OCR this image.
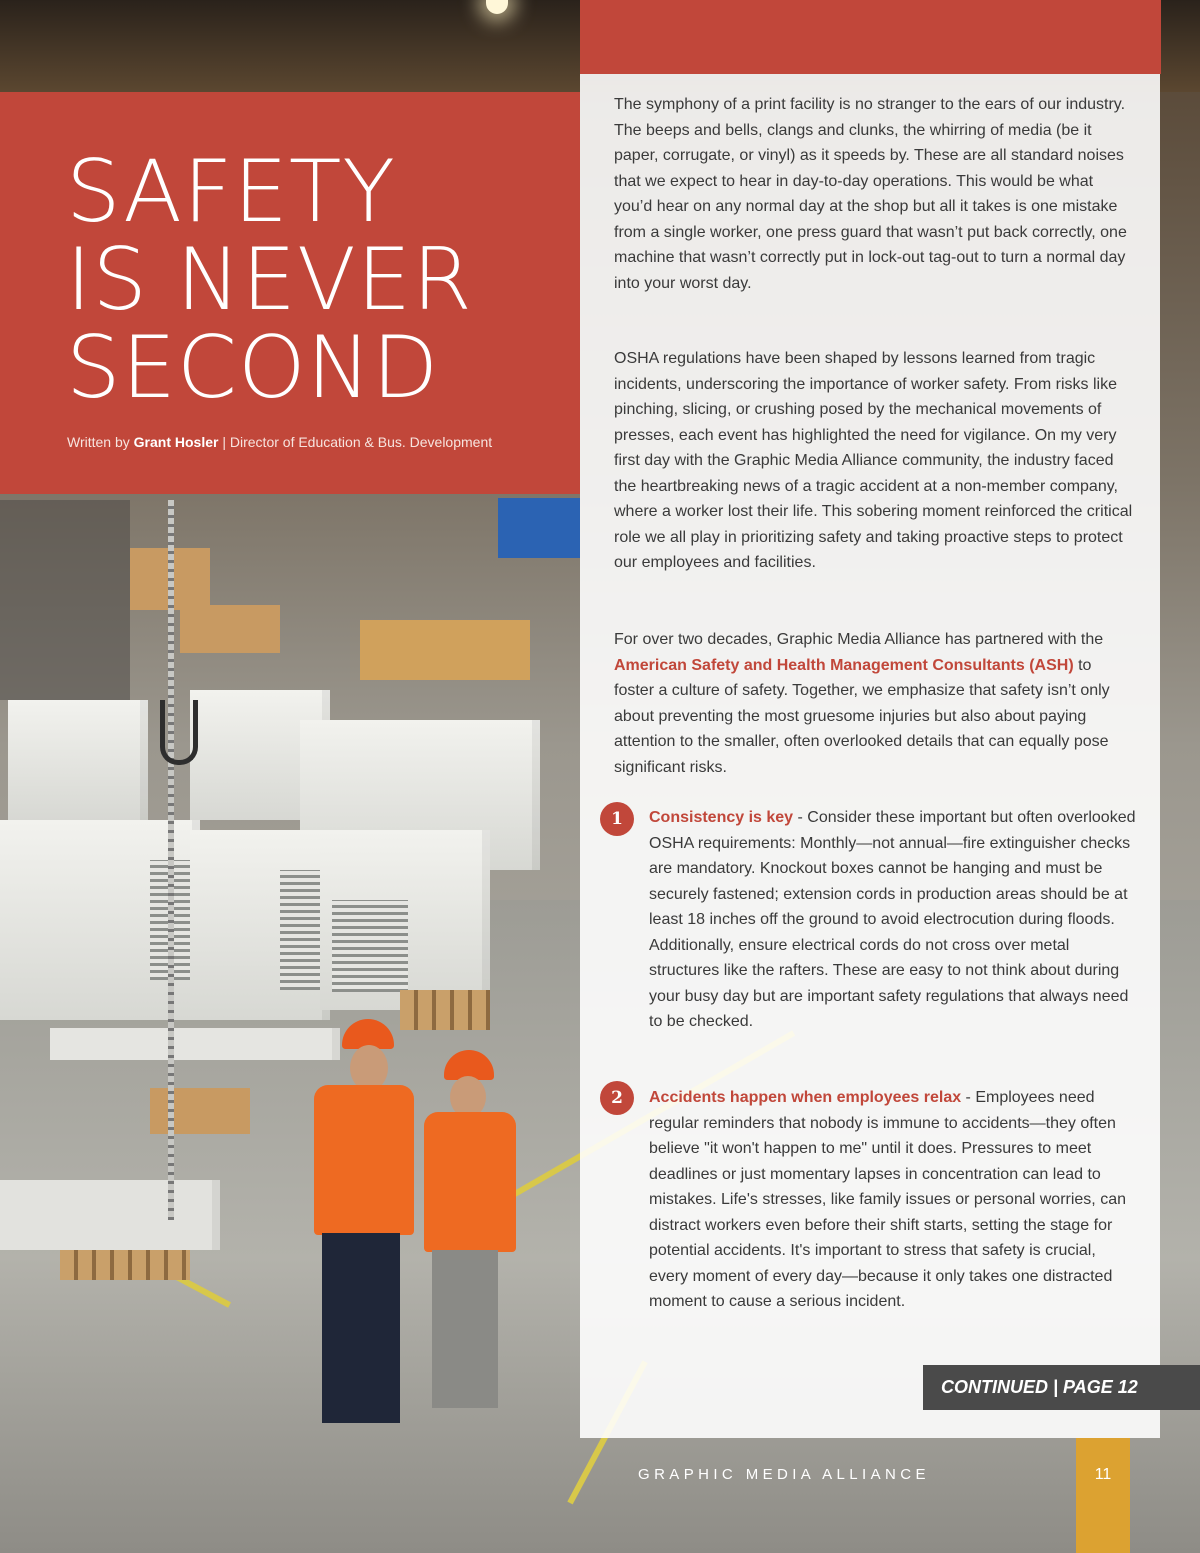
SAFETY
IS NEVER
SECOND

Written by Grant Hosler | Director of Education & Bus. Development

The symphony of a print facility is no stranger to the ears of our industry. The beeps and bells, clangs and clunks, the whirring of media (be it paper, corrugate, or vinyl) as it speeds by. These are all standard noises that we expect to hear in day-to-day operations. This would be what you’d hear on any normal day at the shop but all it takes is one mistake from a single worker, one press guard that wasn’t put back correctly, one machine that wasn’t correctly put in lock-out tag-out to turn a normal day into your worst day.

OSHA regulations have been shaped by lessons learned from tragic incidents, underscoring the importance of worker safety. From risks like pinching, slicing, or crushing posed by the mechanical movements of presses, each event has highlighted the need for vigilance. On my very first day with the Graphic Media Alliance community, the industry faced the heartbreaking news of a tragic accident at a non-member company, where a worker lost their life. This sobering moment reinforced the critical role we all play in prioritizing safety and taking proactive steps to protect our employees and facilities.

For over two decades, Graphic Media Alliance has partnered with the American Safety and Health Management Consultants (ASH) to foster a culture of safety. Together, we emphasize that safety isn’t only about preventing the most gruesome injuries but also about paying attention to the smaller, often overlooked details that can equally pose significant risks.

1	Consistency is key - Consider these important but often overlooked OSHA requirements: Monthly—not annual—fire extinguisher checks are mandatory. Knockout boxes cannot be hanging and must be securely fastened; extension cords in production areas should be at least 18 inches off the ground to avoid electrocution during floods. Additionally, ensure electrical cords do not cross over metal structures like the rafters. These are easy to not think about during your busy day but are important safety regulations that always need to be checked.

2	Accidents happen when employees relax - Employees need regular reminders that nobody is immune to accidents—they often believe "it won't happen to me" until it does. Pressures to meet deadlines or just momentary lapses in concentration can lead to mistakes. Life's stresses, like family issues or personal worries, can distract workers even before their shift starts, setting the stage for potential accidents. It's important to stress that safety is crucial, every moment of every day—because it only takes one distracted moment to cause a serious incident.

CONTINUED | PAGE 12

GRAPHIC MEDIA ALLIANCE	11
